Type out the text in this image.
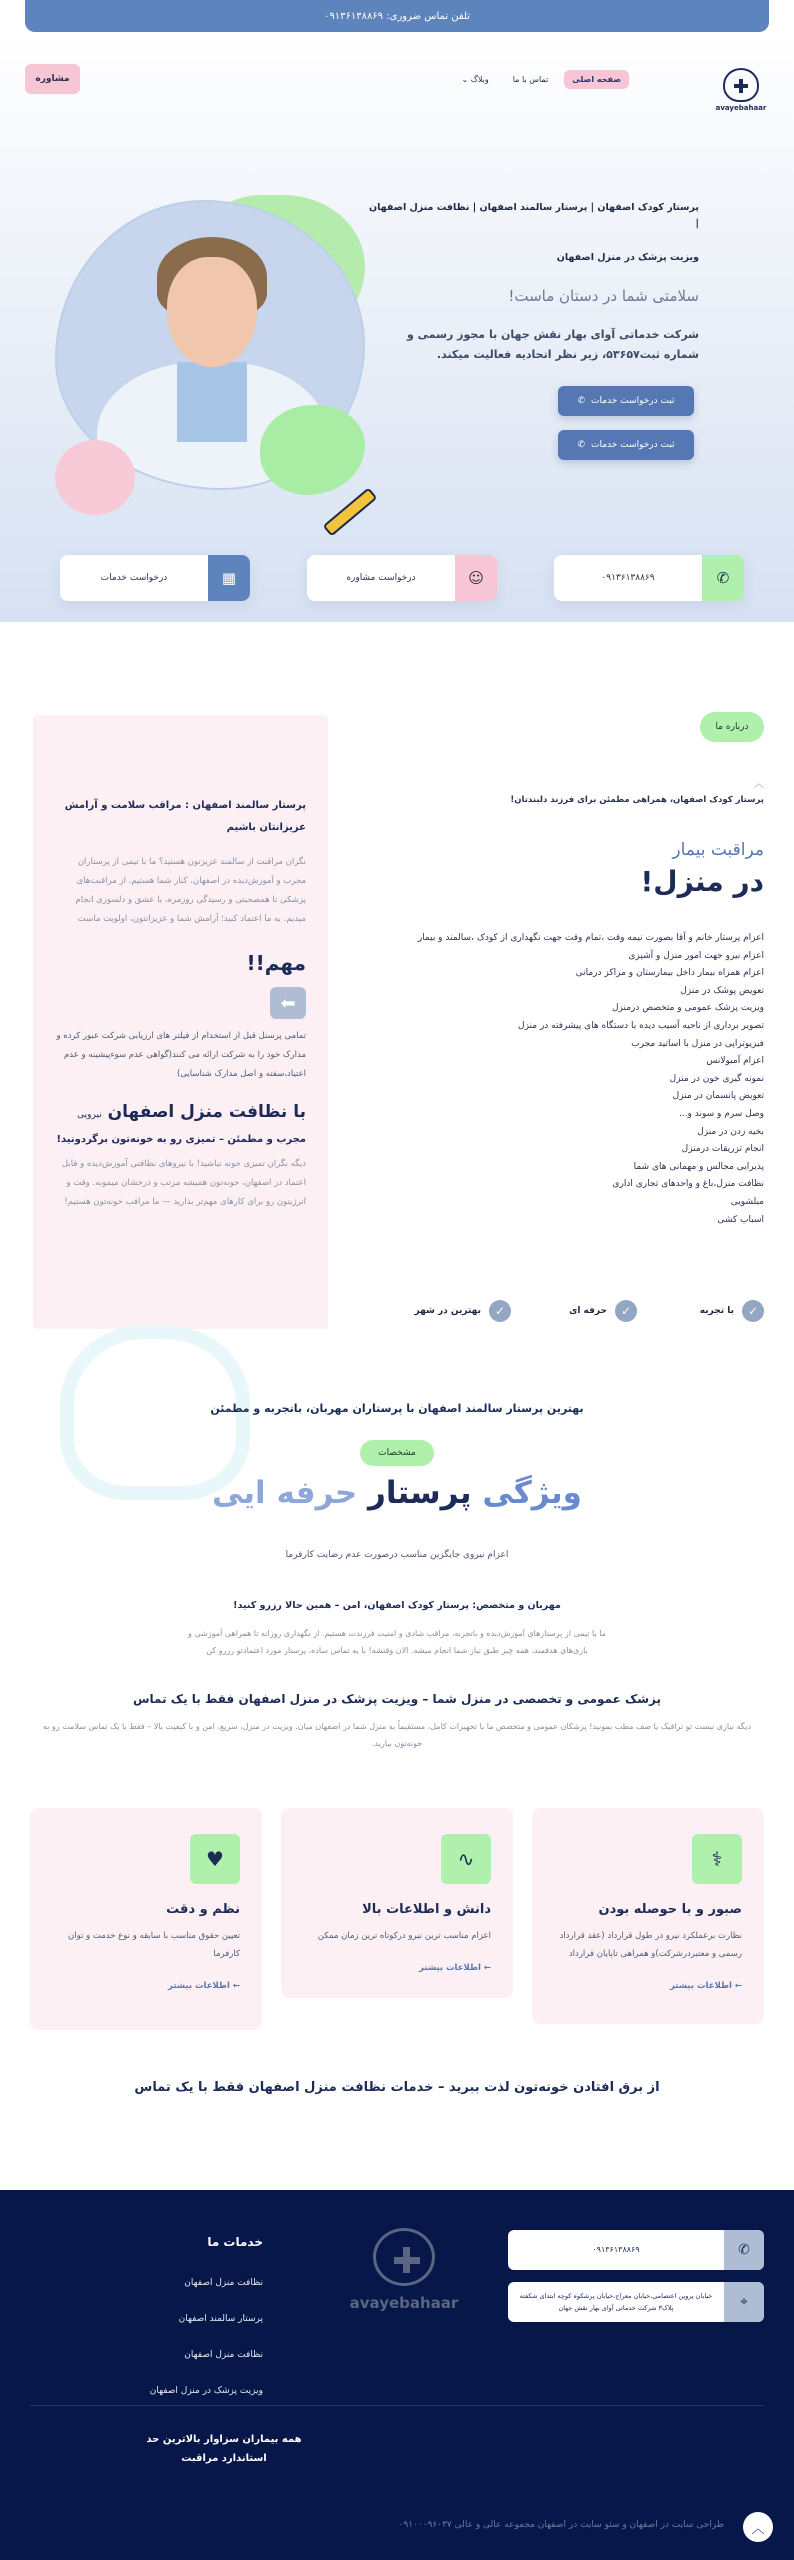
تلفن تماس ضروری: ۰۹۱۳۶۱۳۸۸۶۹
avayebahaar
صفحه اصلی
تماس با ما
وبلاگ ⌄
مشاوره
پرستار کودک اصفهان | پرستار سالمند اصفهان | نظافت منزل اصفهان |
ویزیت پزشک در منزل اصفهان
سلامتی شما در دستان ماست!
شرکت خدماتی آوای بهار نقش جهان با مجوز رسمی و شماره ثبت۵۳۶۵۷، زیر نظر اتحادیه فعالیت میکند.
ثبت درخواست خدمات
✆
ثبت درخواست خدمات
✆
✆
۰۹۱۳۶۱۳۸۸۶۹
☺
درخواست مشاوره
▦
درخواست خدمات
درباره ما
︿
پرستار کودک اصفهان، همراهی مطمئن برای فرزند دلبندتان!
مراقبت بیمار
در منزل!
اعزام پرستار خانم و آقا بصورت نیمه وقت ،تمام وقت جهت نگهداری از کودک ،سالمند و بیمار
اعزام نیرو جهت امور منزل و آشپزی
اعزام همراه بیمار داخل بیمارستان و مراکز درمانی
تعویض پوشک در منزل
ویزیت پزشک عمومی و متخصص درمنزل
تصویر برداری از ناحیه آسیب دیده با دستگاه های پیشرفته در منزل
فیزیوتراپی در منزل با اساتید مجرب
اعزام آمبولانس
نمونه گیری خون در منزل
تعویض پانسمان در منزل
وصل سرم و سوند و...
بخیه زدن در منزل
انجام تزریقات درمنزل
پذیرایی مجالس و مهمانی های شما
نظافت منزل،باغ و واحدهای تجاری اداری
مبلشویی
اسباب کشی
پرستار سالمند اصفهان : مراقب سلامت و آرامش عزیزانتان باشیم
نگران مراقبت از سالمند عزیزتون هستید؟ ما با تیمی از پرستاران مجرب و آموزش‌دیده در اصفهان، کنار شما هستیم. از مراقبت‌های پزشکی تا همصحبتی و رسیدگی روزمره، با عشق و دلسوزی انجام میدیم. به ما اعتماد کنید؛ آرامش شما و عزیزانتون، اولویت ماست
مهم!!
⬅
تمامی پرسنل قبل از استخدام از فیلتر های ارزیابی شرکت عبور کرده و مدارک خود را به شرکت ارائه می کنند(گواهی عدم سوءپیشینه و عدم اعتیاد،سفته و اصل مدارک شناسایی)
با نظافت منزل اصفهان نیرویی
مجرب و مطمئن – تمیزی رو به خونه‌تون برگردونید!
دیگه نگران تمیزی خونه نباشید! با نیروهای نظافتی آموزش‌دیده و قابل اعتماد در اصفهان، خونه‌تون همیشه مرتب و درخشان میمونه. وقت و انرژیتون رو برای کارهای مهم‌تر بذارید — ما مراقب خونه‌تون هستیم!
✓
با تجربه
✓
حرفه ای
✓
بهترین در شهر
بهترین پرستار سالمند اصفهان با پرستاران مهربان، باتجربه و مطمئن
مشخصات
ویژگی پرستار حرفه ایی
اعزام نیروی جایگزین مناسب درصورت عدم رضایت کارفرما
مهربان و متخصص: پرستار کودک اصفهان، امن – همین حالا رزرو کنید!
ما با تیمی از پرستارهای آموزش‌دیده و باتجربه، مراقب شادی و امنیت فرزندت هستیم. از نگهداری روزانه تا همراهی آموزشی و بازی‌های هدفمند، همه چیز طبق نیاز شما انجام میشه. الان وقتشه! با یه تماس ساده، پرستار مورد اعتمادتو رزرو کن
پزشک عمومی و تخصصی در منزل شما – ویزیت پزشک در منزل اصفهان فقط با یک تماس
دیگه نیازی نیست تو ترافیک یا صف مطب بمونید! پزشکان عمومی و متخصص ما با تجهیزات کامل، مستقیماً به منزل شما در اصفهان میان. ویزیت در منزل، سریع، امن و با کیفیت بالا – فقط با یک تماس سلامت رو به خونه‌تون بیارید.
⚕
صبور و با حوصله بودن
نظارت برعملکرد نیرو در طول قرارداد (عقد قرارداد رسمی و معتبرد‌رشرکت)و همراهی تاپایان قرارداد
← اطلاعات بیشتر
∿
دانش و اطلاعات بالا
اعزام مناسب ترین نیرو درکوتاه ترین زمان ممکن
← اطلاعات بیشتر
♥
نظم و دقت
تعیین حقوق مناسب با سابقه و نوع خدمت و توان کارفرما
← اطلاعات بیشتر
از برق افتادن خونه‌تون لذت ببرید – خدمات نظافت منزل اصفهان فقط با یک تماس
✆
۰۹۱۳۶۱۳۸۸۶۹
⌖
خیابان پروین اعتصامی،خیابان معراج،خیابان پرشکوه کوچه ابتدای شکفته پلاک۳ شرکت خدماتی آوای بهار نقش جهان
avayebahaar
خدمات ما
نظافت منزل اصفهان
پرستار سالمند اصفهان
نظافت منزل اصفهان
ویزیت پزشک در منزل اصفهان
همه بیماران سزاوار بالاترین حد استاندارد مراقبت
طراحی سایت در اصفهان و سئو سایت در اصفهان مجموعه عالی و عالی ۰۹۱۰۰۰۹۶۰۳۷ ︿
